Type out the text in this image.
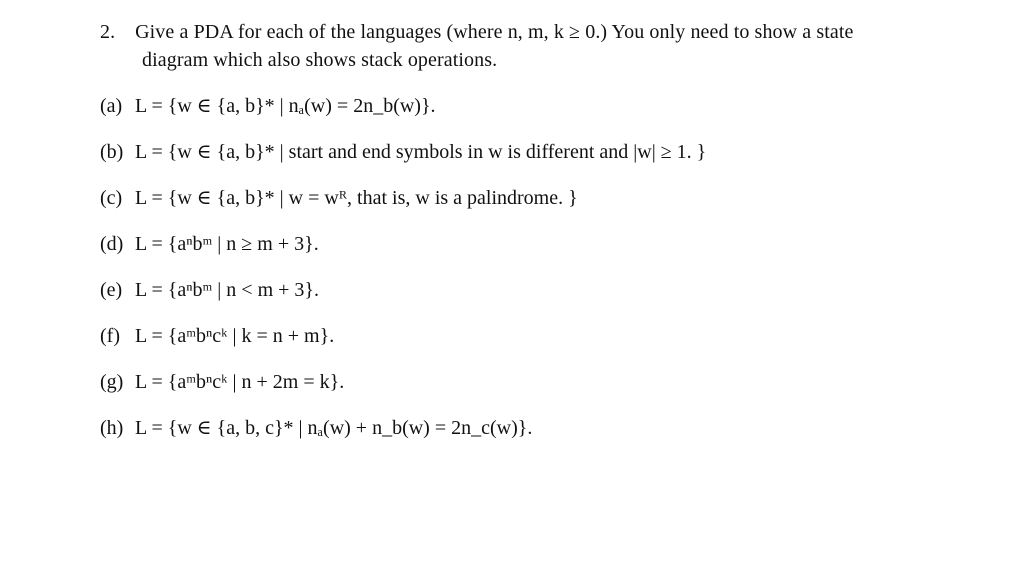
2. Give a PDA for each of the languages (where n, m, k ≥ 0.) You only need to show a state
diagram which also shows stack operations.
(a) L = {w ∈ {a, b}* | nₐ(w) = 2n_b(w)}.
(b) L = {w ∈ {a, b}* | start and end symbols in w is different and |w| ≥ 1. }
(c) L = {w ∈ {a, b}* | w = wᴿ, that is, w is a palindrome. }
(d) L = {aⁿbᵐ | n ≥ m + 3}.
(e) L = {aⁿbᵐ | n < m + 3}.
(f) L = {aᵐbⁿcᵏ | k = n + m}.
(g) L = {aᵐbⁿcᵏ | n + 2m = k}.
(h) L = {w ∈ {a, b, c}* | nₐ(w) + n_b(w) = 2n_c(w)}.
